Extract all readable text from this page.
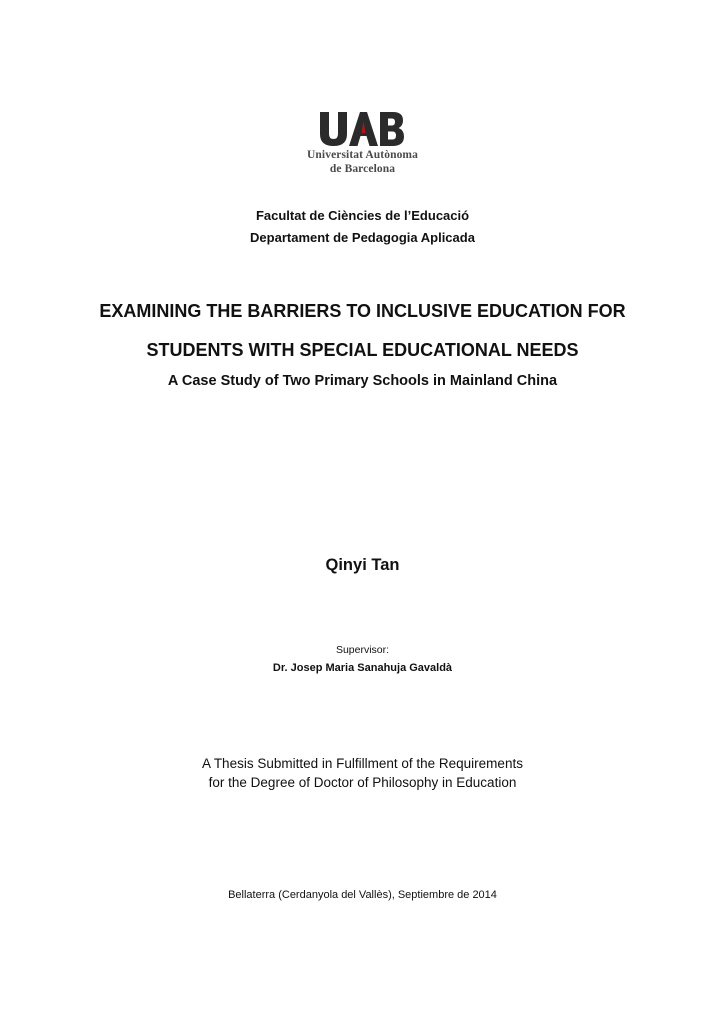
Universitat Autònoma
de Barcelona
Facultat de Ciències de l’Educació
Departament de Pedagogia Aplicada
EXAMINING THE BARRIERS TO INCLUSIVE EDUCATION FOR
STUDENTS WITH SPECIAL EDUCATIONAL NEEDS
A Case Study of Two Primary Schools in Mainland China
Qinyi Tan
Supervisor:
Dr. Josep Maria Sanahuja Gavaldà
A Thesis Submitted in Fulfillment of the Requirements
for the Degree of Doctor of Philosophy in Education
Bellaterra (Cerdanyola del Vallès), Septiembre de 2014
